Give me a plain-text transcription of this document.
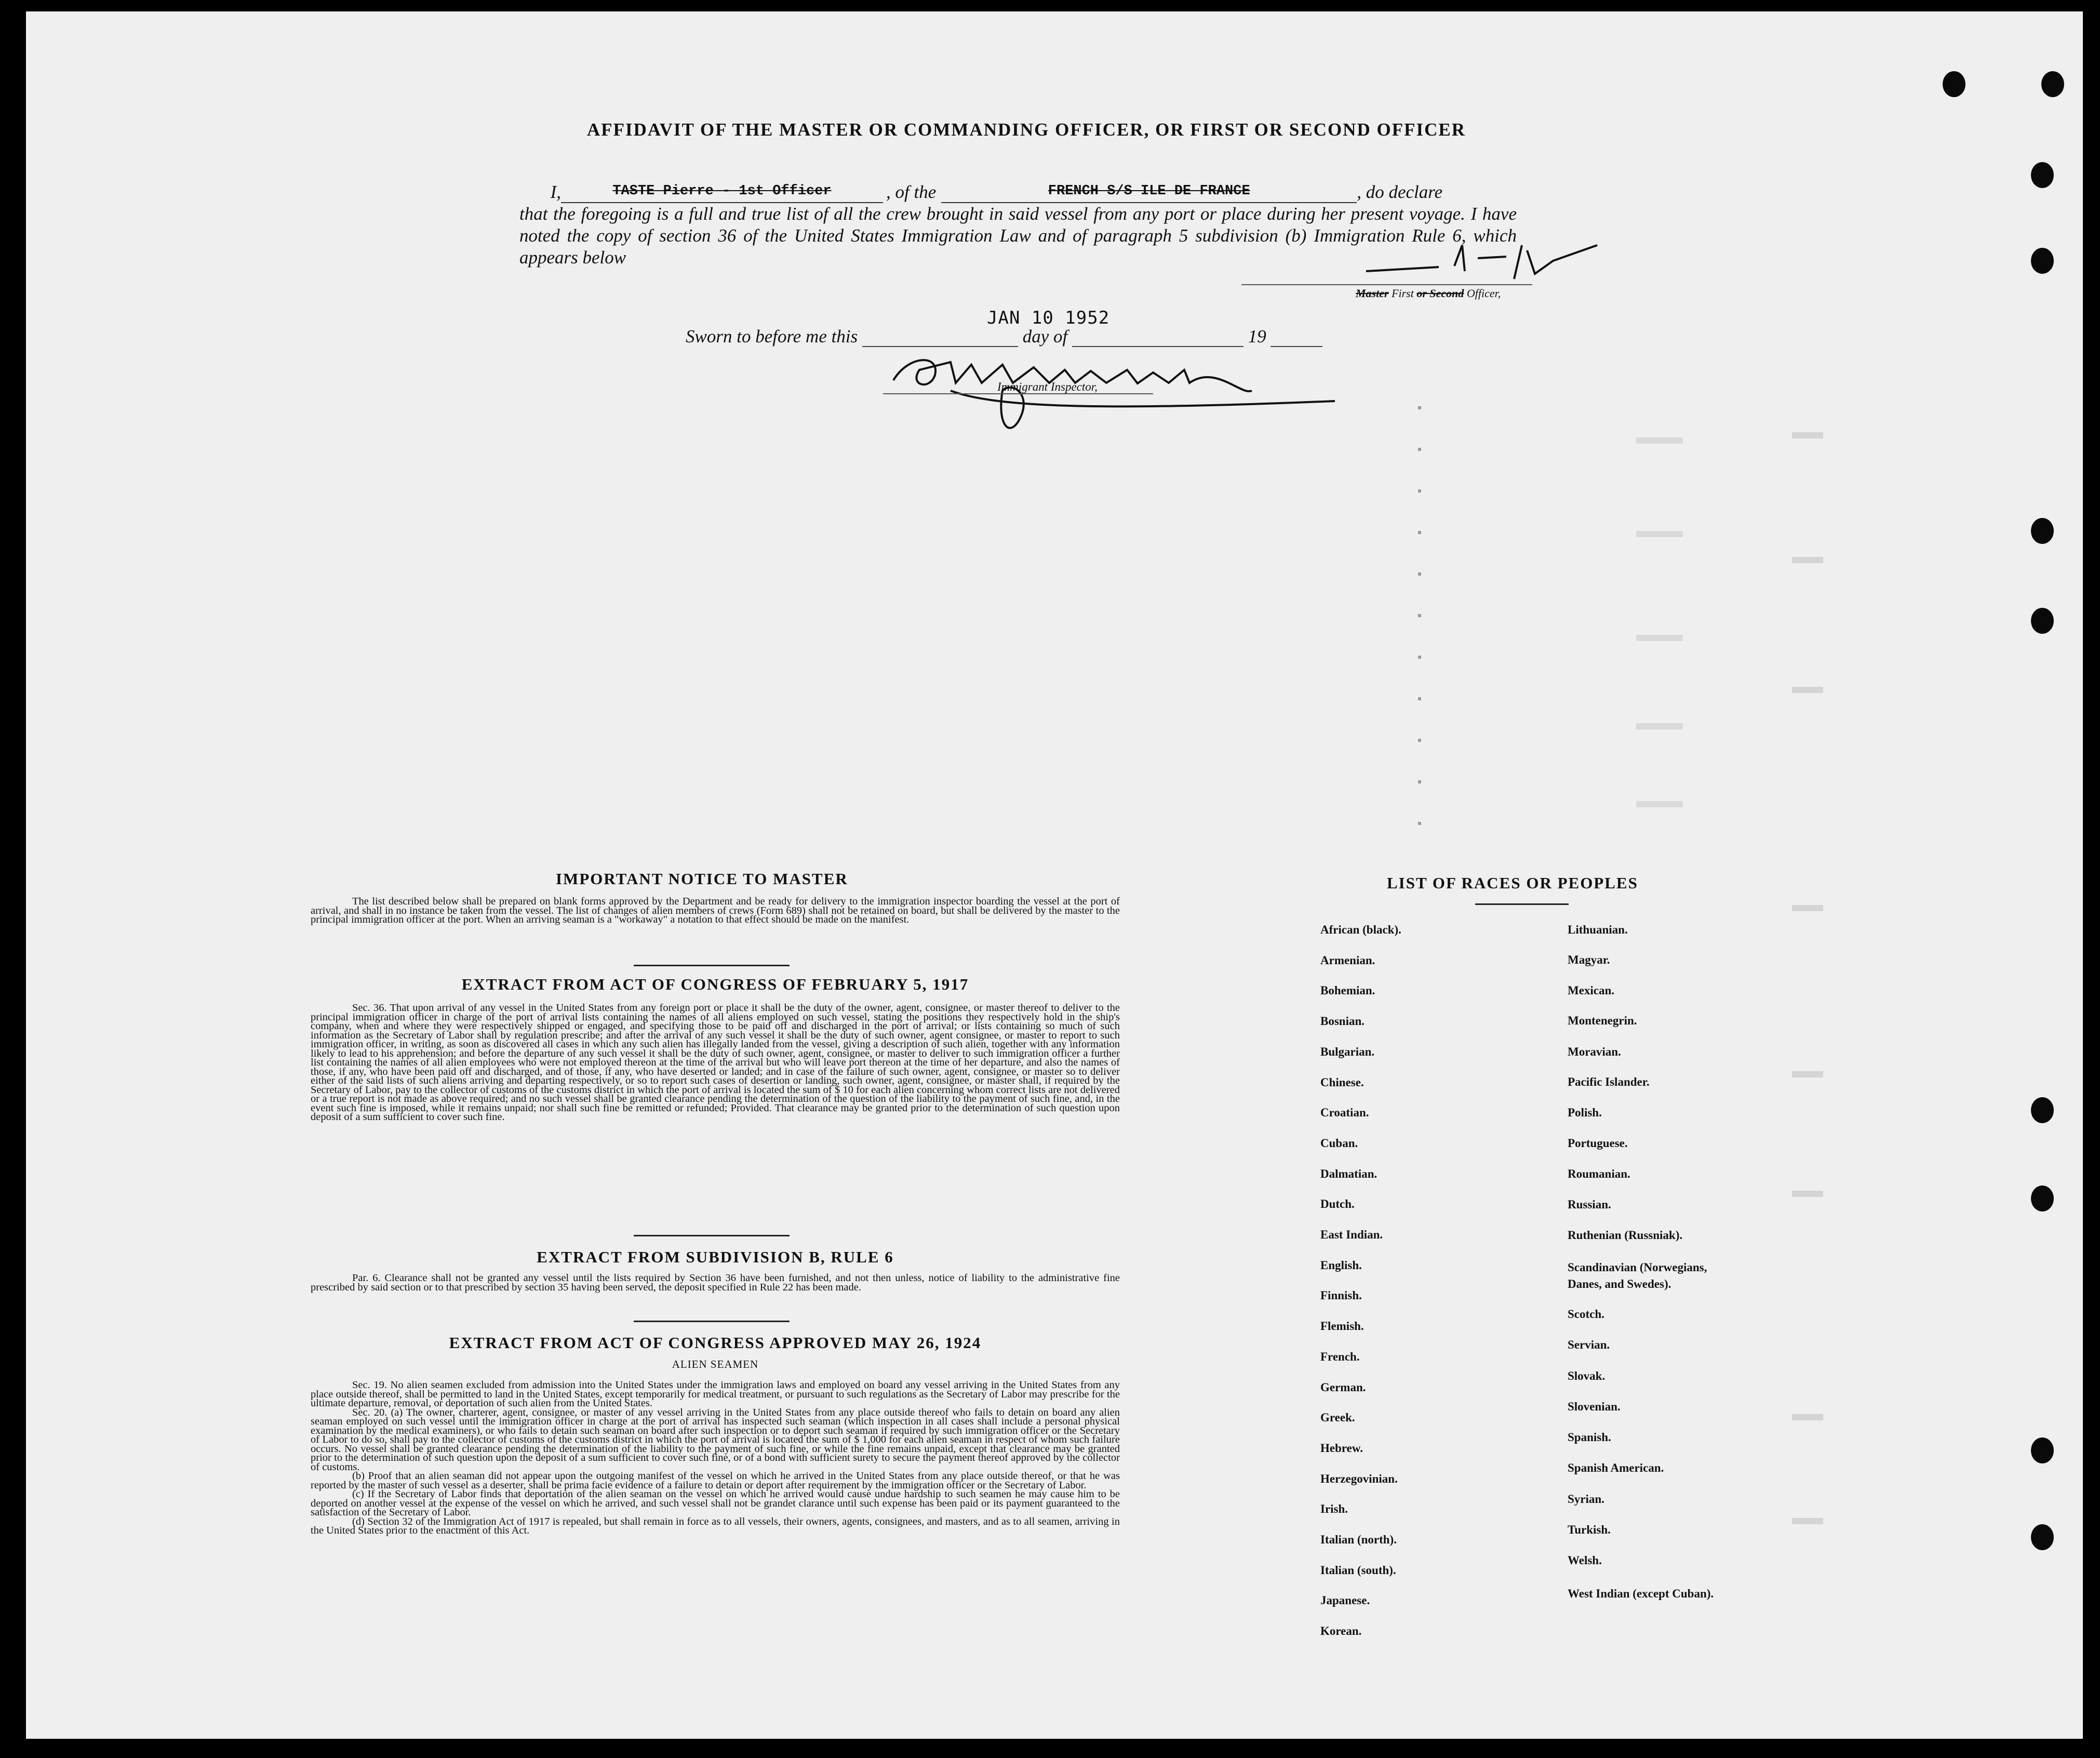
AFFIDAVIT OF THE MASTER OR COMMANDING OFFICER, OR FIRST OR SECOND OFFICER
I,	TASTE Pierre - 1st Officer	, of the	FRENCH S/S ILE DE FRANCE	, do declare
that the foregoing is a full and true list of all the crew brought in said vessel from any port or place during her present voyage. I have noted the copy of section 36 of the United States Immigration Law and of paragraph 5 subdivision (b) Immigration Rule 6, which appears below
Master First or Second Officer,
Sworn to before me this	day of	19
JAN 10 1952
Immigrant Inspector,
IMPORTANT NOTICE TO MASTER
The list described below shall be prepared on blank forms approved by the Department and be ready for delivery to the immigration inspector boarding the vessel at the port of arrival, and shall in no instance be taken from the vessel. The list of changes of alien members of crews (Form 689) shall not be retained on board, but shall be delivered by the master to the principal immigration officer at the port. When an arriving seaman is a "workaway" a notation to that effect should be made on the manifest.
EXTRACT FROM ACT OF CONGRESS OF FEBRUARY 5, 1917
Sec. 36. That upon arrival of any vessel in the United States from any foreign port or place it shall be the duty of the owner, agent, consignee, or master thereof to deliver to the principal immigration officer in charge of the port of arrival lists containing the names of all aliens employed on such vessel, stating the positions they respectively hold in the ship's company, when and where they were respectively shipped or engaged, and specifying those to be paid off and discharged in the port of arrival; or lists containing so much of such information as the Secretary of Labor shall by regulation prescribe; and after the arrival of any such vessel it shall be the duty of such owner, agent consignee, or master to report to such immigration officer, in writing, as soon as discovered all cases in which any such alien has illegally landed from the vessel, giving a description of such alien, together with any information likely to lead to his apprehension; and before the departure of any such vessel it shall be the duty of such owner, agent, consignee, or master to deliver to such immigration officer a further list containing the names of all alien employees who were not employed thereon at the time of the arrival but who will leave port thereon at the time of her departure, and also the names of those, if any, who have been paid off and discharged, and of those, if any, who have deserted or landed; and in case of the failure of such owner, agent, consignee, or master so to deliver either of the said lists of such aliens arriving and departing respectively, or so to report such cases of desertion or landing, such owner, agent, consignee, or master shall, if required by the Secretary of Labor, pay to the collector of customs of the customs district in which the port of arrival is located the sum of $ 10 for each alien concerning whom correct lists are not delivered or a true report is not made as above required; and no such vessel shall be granted clearance pending the determination of the question of the liability to the payment of such fine, and, in the event such fine is imposed, while it remains unpaid; nor shall such fine be remitted or refunded; Provided. That clearance may be granted prior to the determination of such question upon deposit of a sum sufficient to cover such fine.
EXTRACT FROM SUBDIVISION B, RULE 6
Par. 6. Clearance shall not be granted any vessel until the lists required by Section 36 have been furnished, and not then unless, notice of liability to the administrative fine prescribed by said section or to that prescribed by section 35 having been served, the deposit specified in Rule 22 has been made.
EXTRACT FROM ACT OF CONGRESS APPROVED MAY 26, 1924
ALIEN SEAMEN

Sec. 19. No alien seamen excluded from admission into the United States under the immigration laws and employed on board any vessel arriving in the United States from any place outside thereof, shall be permitted to land in the United States, except temporarily for medical treatment, or pursuant to such regulations as the Secretary of Labor may prescribe for the ultimate departure, removal, or deportation of such alien from the United States.

Sec. 20. (a) The owner, charterer, agent, consignee, or master of any vessel arriving in the United States from any place outside thereof who fails to detain on board any alien seaman employed on such vessel until the immigration officer in charge at the port of arrival has inspected such seaman (which inspection in all cases shall include a personal physical examination by the medical examiners), or who fails to detain such seaman on board after such inspection or to deport such seaman if required by such immigration officer or the Secretary of Labor to do so, shall pay to the collector of customs of the customs district in which the port of arrival is located the sum of $ 1,000 for each alien seaman in respect of whom such failure occurs. No vessel shall be granted clearance pending the determination of the liability to the payment of such fine, or while the fine remains unpaid, except that clearance may be granted prior to the determination of such question upon the deposit of a sum sufficient to cover such fine, or of a bond with sufficient surety to secure the payment thereof approved by the collector of customs.

(b) Proof that an alien seaman did not appear upon the outgoing manifest of the vessel on which he arrived in the United States from any place outside thereof, or that he was reported by the master of such vessel as a deserter, shall be prima facie evidence of a failure to detain or deport after requirement by the immigration officer or the Secretary of Labor.

(c) If the Secretary of Labor finds that deportation of the alien seaman on the vessel on which he arrived would cause undue hardship to such seamen he may cause him to be deported on another vessel at the expense of the vessel on which he arrived, and such vessel shall not be grandet clarance until such expense has been paid or its payment guaranteed to the satisfaction of the Secretary of Labor.

(d) Section 32 of the Immigration Act of 1917 is repealed, but shall remain in force as to all vessels, their owners, agents, consignees, and masters, and as to all seamen, arriving in the United States prior to the enactment of this Act.

LIST OF RACES OR PEOPLES
African (black).
Armenian.
Bohemian.
Bosnian.
Bulgarian.
Chinese.
Croatian.
Cuban.
Dalmatian.
Dutch.
East Indian.
English.
Finnish.
Flemish.
French.
German.
Greek.
Hebrew.
Herzegovinian.
Irish.
Italian (north).
Italian (south).
Japanese.
Korean.
Lithuanian.
Magyar.
Mexican.
Montenegrin.
Moravian.
Pacific Islander.
Polish.
Portuguese.
Roumanian.
Russian.
Ruthenian (Russniak).
Scandinavian (Norwegians, Danes, and Swedes).
Scotch.
Servian.
Slovak.
Slovenian.
Spanish.
Spanish American.
Syrian.
Turkish.
Welsh.
West Indian (except Cuban).
